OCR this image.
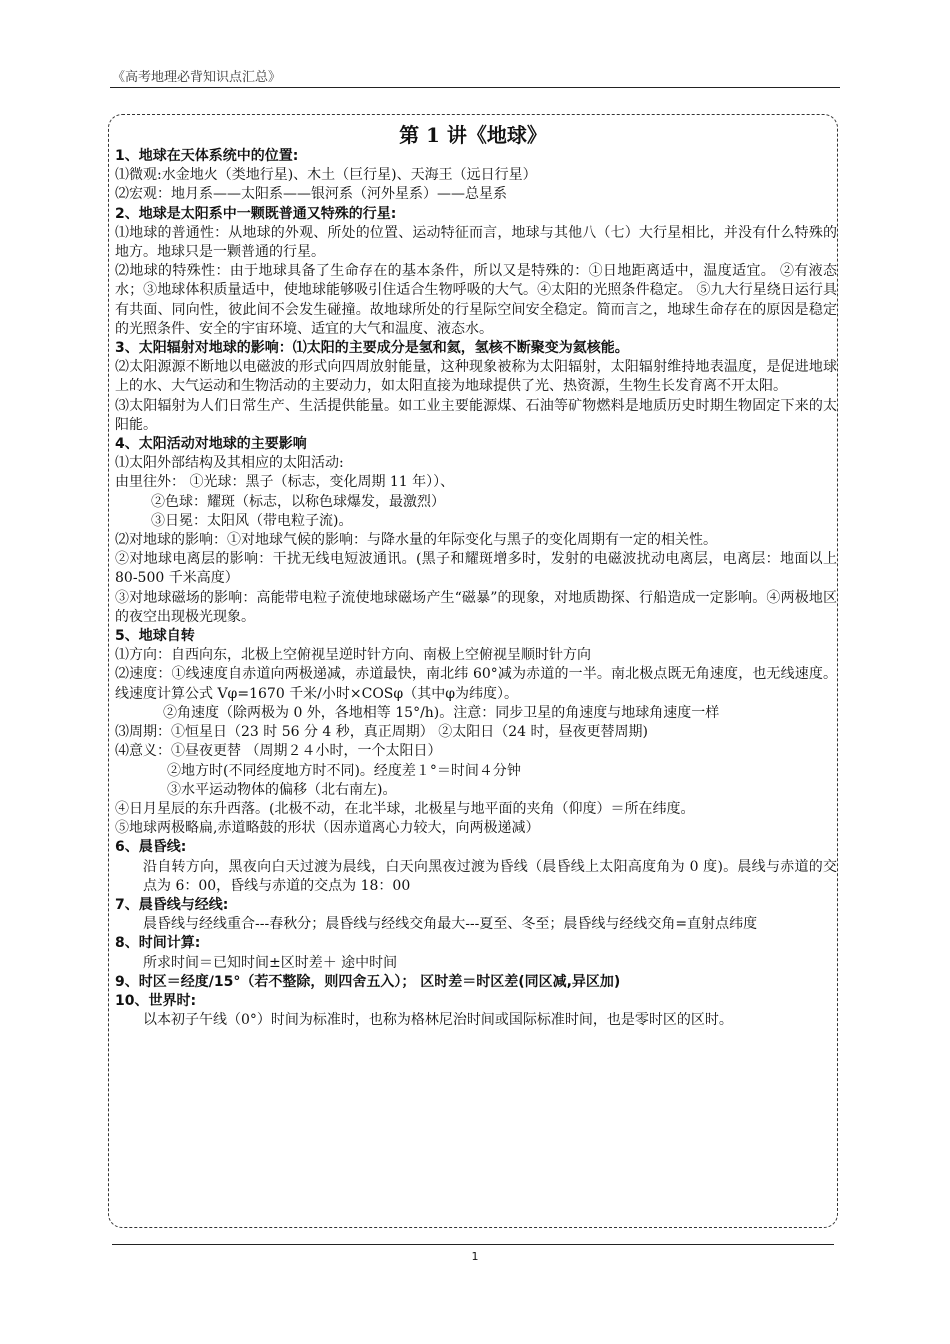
《高考地理必背知识点汇总》
第 1 讲《地球》

1、地球在天体系统中的位置:

⑴微观:水金地火（类地行星)、木土（巨行星)、天海王（远日行星）

⑵宏观：地月系——太阳系——银河系（河外星系）——总星系

2、地球是太阳系中一颗既普通又特殊的行星:

⑴地球的普通性：从地球的外观、所处的位置、运动特征而言，地球与其他八（七）大行星相比，并没有什么特殊的地方。地球只是一颗普通的行星。

⑵地球的特殊性：由于地球具备了生命存在的基本条件，所以又是特殊的：①日地距离适中，温度适宜。 ②有液态水；③地球体积质量适中，使地球能够吸引住适合生物呼吸的大气。④太阳的光照条件稳定。 ⑤九大行星绕日运行具有共面、同向性，彼此间不会发生碰撞。故地球所处的行星际空间安全稳定。简而言之，地球生命存在的原因是稳定的光照条件、安全的宇宙环境、适宜的大气和温度、液态水。

3、太阳辐射对地球的影响：⑴太阳的主要成分是氢和氦，氢核不断聚变为氦核能。

⑵太阳源源不断地以电磁波的形式向四周放射能量，这种现象被称为太阳辐射，太阳辐射维持地表温度，是促进地球上的水、大气运动和生物活动的主要动力，如太阳直接为地球提供了光、热资源，生物生长发育离不开太阳。

⑶太阳辐射为人们日常生产、生活提供能量。如工业主要能源煤、石油等矿物燃料是地质历史时期生物固定下来的太阳能。

4、太阳活动对地球的主要影响

⑴太阳外部结构及其相应的太阳活动:

由里往外： ①光球：黑子（标志，变化周期 11 年））、

②色球：耀斑（标志，以称色球爆发，最激烈）

③日冕：太阳风（带电粒子流)。

⑵对地球的影响：①对地球气候的影响：与降水量的年际变化与黑子的变化周期有一定的相关性。

②对地球电离层的影响：干扰无线电短波通讯。(黑子和耀斑增多时，发射的电磁波扰动电离层，电离层：地面以上 80-500 千米高度）

③对地球磁场的影响：高能带电粒子流使地球磁场产生“磁暴”的现象，对地质勘探、行船造成一定影响。④两极地区的夜空出现极光现象。

5、地球自转

⑴方向：自西向东，北极上空俯视呈逆时针方向、南极上空俯视呈顺时针方向

⑵速度：①线速度自赤道向两极递减，赤道最快，南北纬 60°减为赤道的一半。南北极点既无角速度，也无线速度。线速度计算公式 Vφ=1670 千米/小时×COSφ（其中φ为纬度）。

②角速度（除两极为 0 外，各地相等 15°/h)。注意：同步卫星的角速度与地球角速度一样

⑶周期：①恒星日（23 时 56 分 4 秒，真正周期） ②太阳日（24 时，昼夜更替周期)

⑷意义：①昼夜更替 （周期２４小时，一个太阳日）

②地方时(不同经度地方时不同)。经度差１°＝时间４分钟

③水平运动物体的偏移（北右南左)。

④日月星辰的东升西落。(北极不动，在北半球，北极星与地平面的夹角（仰度）＝所在纬度。

⑤地球两极略扁,赤道略鼓的形状（因赤道离心力较大，向两极递减）

6、晨昏线:

沿自转方向，黑夜向白天过渡为晨线，白天向黑夜过渡为昏线（晨昏线上太阳高度角为 0 度)。晨线与赤道的交点为 6：00，昏线与赤道的交点为 18：00

7、晨昏线与经线:

晨昏线与经线重合---春秋分；晨昏线与经线交角最大---夏至、冬至；晨昏线与经线交角=直射点纬度

8、时间计算:

所求时间＝已知时间±区时差＋ 途中时间

9、时区＝经度/15°（若不整除，则四舍五入）； 区时差＝时区差(同区减,异区加)

10、世界时:

以本初子午线（0°）时间为标准时，也称为格林尼治时间或国际标准时间，也是零时区的区时。

1
